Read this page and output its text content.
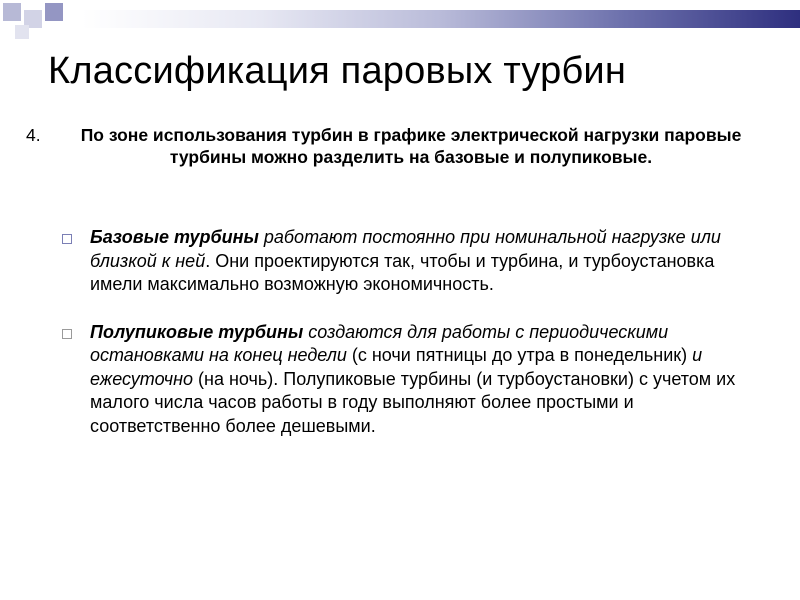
Классификация паровых турбин
4.	По зоне использования турбин в графике электрической нагрузки паровые турбины можно разделить на базовые и полупиковые.
Базовые турбины работают постоянно при номинальной нагрузке или близкой к ней. Они проектируются так, чтобы и турбина, и турбоустановка имели максимально возможную экономичность.
Полупиковые турбины создаются для работы с периодическими остановками на конец недели (с ночи пятницы до утра в понедельник) и ежесуточно (на ночь). Полупиковые турбины (и турбоустановки) с учетом их малого числа часов работы в году выполняют более простыми и соответственно более дешевыми.
